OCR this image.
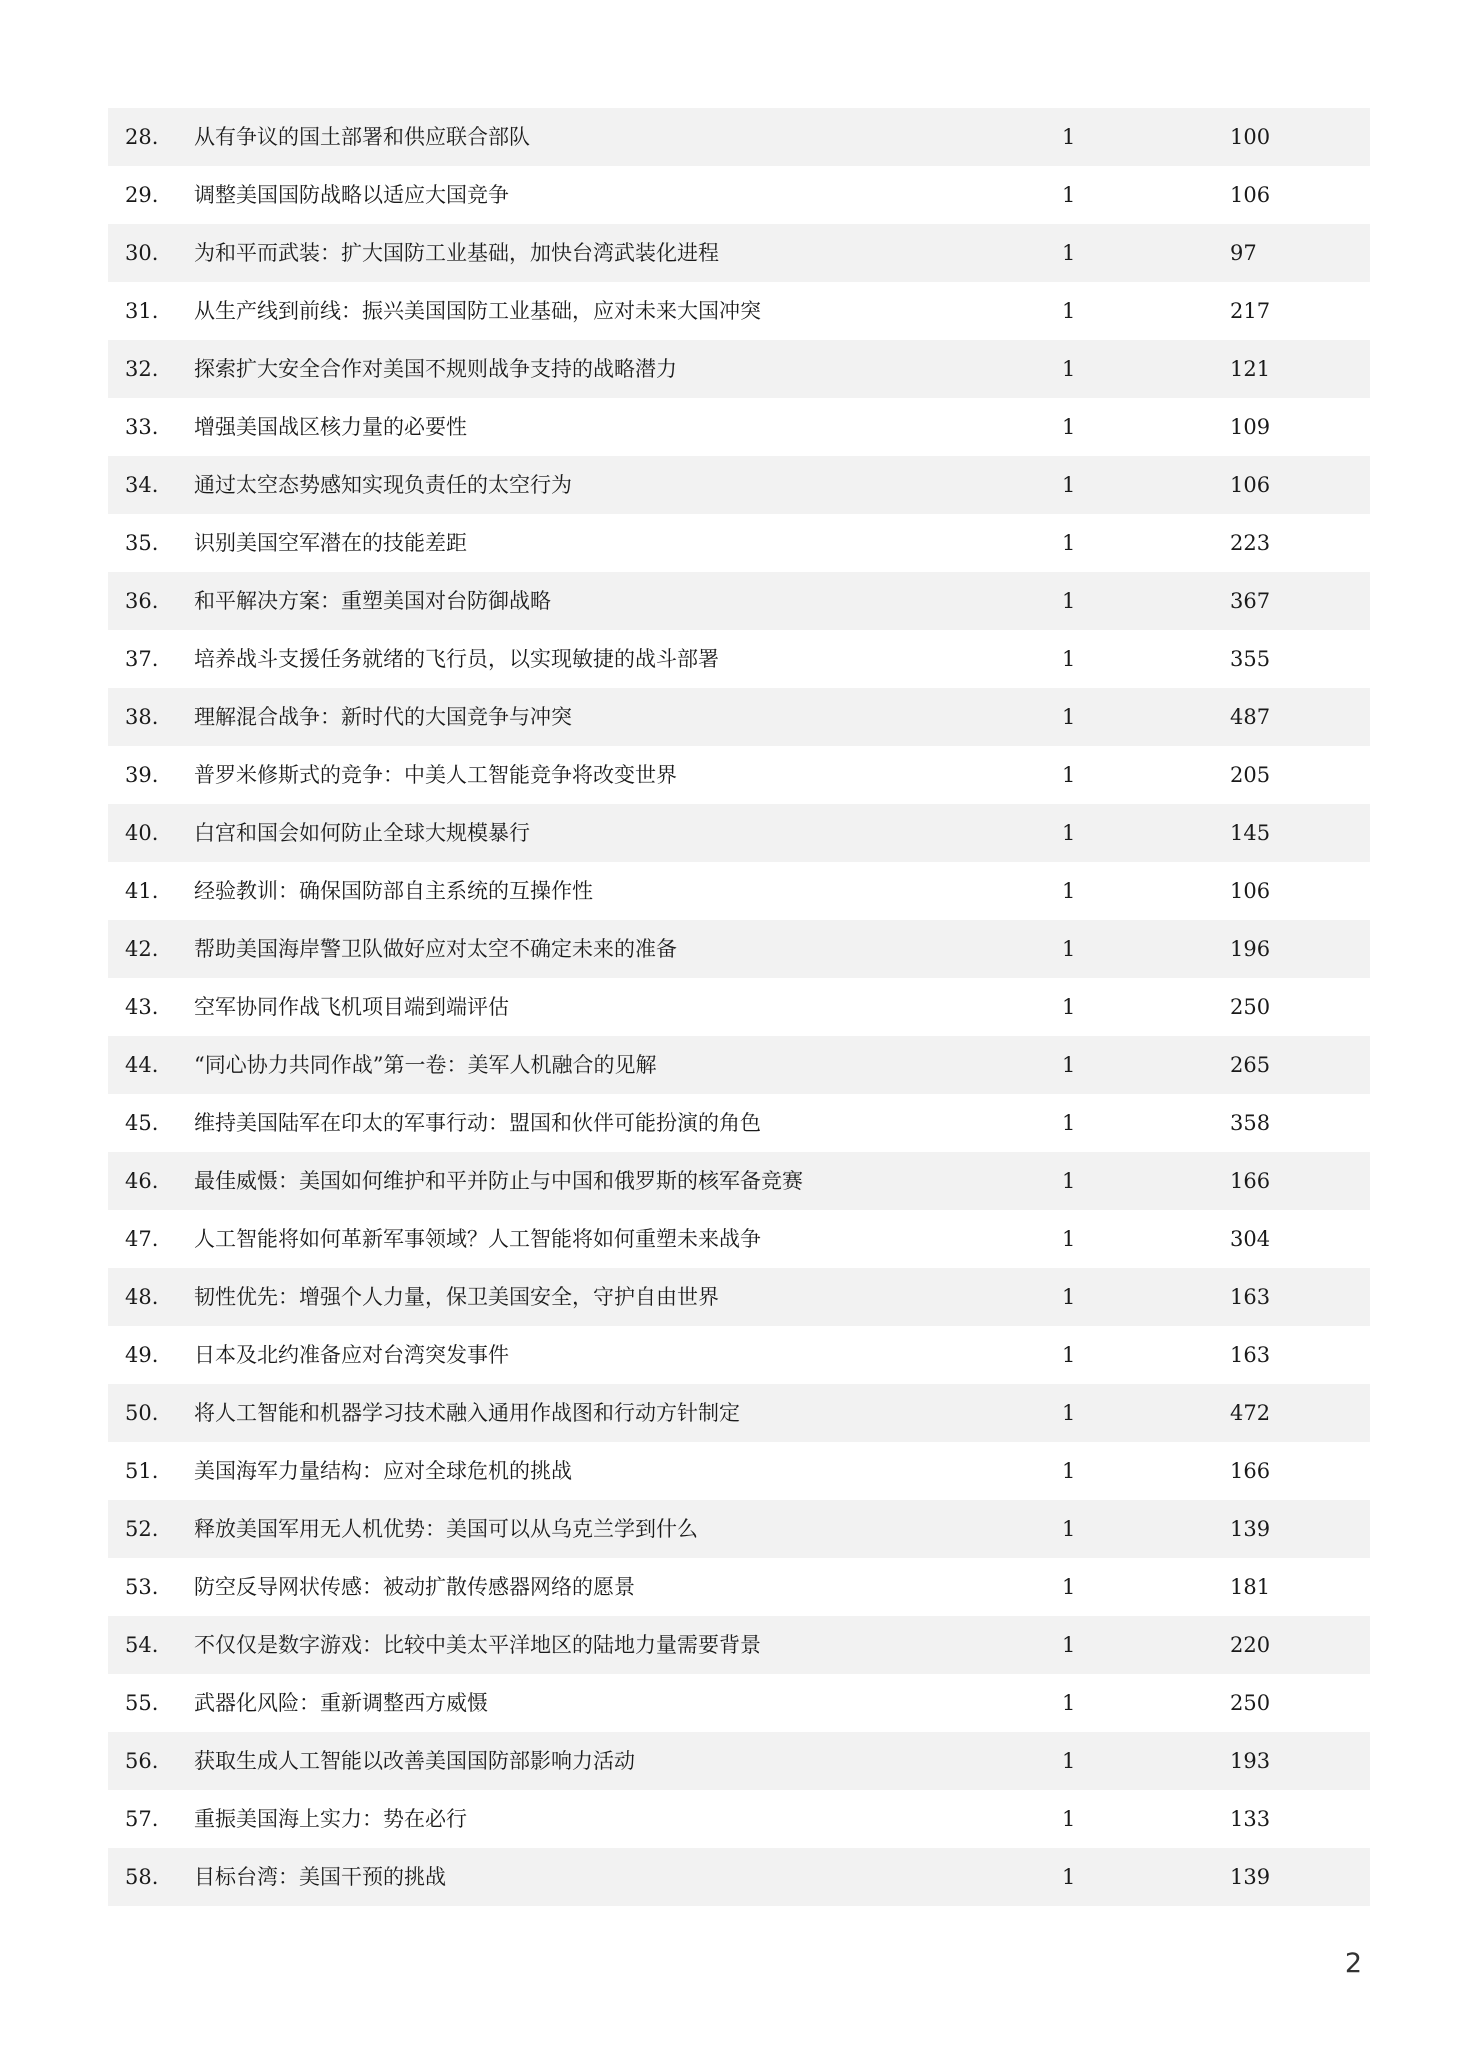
28.	从有争议的国土部署和供应联合部队	1	100
29.	调整美国国防战略以适应大国竞争	1	106
30.	为和平而武装：扩大国防工业基础，加快台湾武装化进程	1	97
31.	从生产线到前线：振兴美国国防工业基础，应对未来大国冲突	1	217
32.	探索扩大安全合作对美国不规则战争支持的战略潜力	1	121
33.	增强美国战区核力量的必要性	1	109
34.	通过太空态势感知实现负责任的太空行为	1	106
35.	识别美国空军潜在的技能差距	1	223
36.	和平解决方案：重塑美国对台防御战略	1	367
37.	培养战斗支援任务就绪的飞行员，以实现敏捷的战斗部署	1	355
38.	理解混合战争：新时代的大国竞争与冲突	1	487
39.	普罗米修斯式的竞争：中美人工智能竞争将改变世界	1	205
40.	白宫和国会如何防止全球大规模暴行	1	145
41.	经验教训：确保国防部自主系统的互操作性	1	106
42.	帮助美国海岸警卫队做好应对太空不确定未来的准备	1	196
43.	空军协同作战飞机项目端到端评估	1	250
44.	“同心协力共同作战”第一卷：美军人机融合的见解	1	265
45.	维持美国陆军在印太的军事行动：盟国和伙伴可能扮演的角色	1	358
46.	最佳威慑：美国如何维护和平并防止与中国和俄罗斯的核军备竞赛	1	166
47.	人工智能将如何革新军事领域？人工智能将如何重塑未来战争	1	304
48.	韧性优先：增强个人力量，保卫美国安全，守护自由世界	1	163
49.	日本及北约准备应对台湾突发事件	1	163
50.	将人工智能和机器学习技术融入通用作战图和行动方针制定	1	472
51.	美国海军力量结构：应对全球危机的挑战	1	166
52.	释放美国军用无人机优势：美国可以从乌克兰学到什么	1	139
53.	防空反导网状传感：被动扩散传感器网络的愿景	1	181
54.	不仅仅是数字游戏：比较中美太平洋地区的陆地力量需要背景	1	220
55.	武器化风险：重新调整西方威慑	1	250
56.	获取生成人工智能以改善美国国防部影响力活动	1	193
57.	重振美国海上实力：势在必行	1	133
58.	目标台湾：美国干预的挑战	1	139
2
